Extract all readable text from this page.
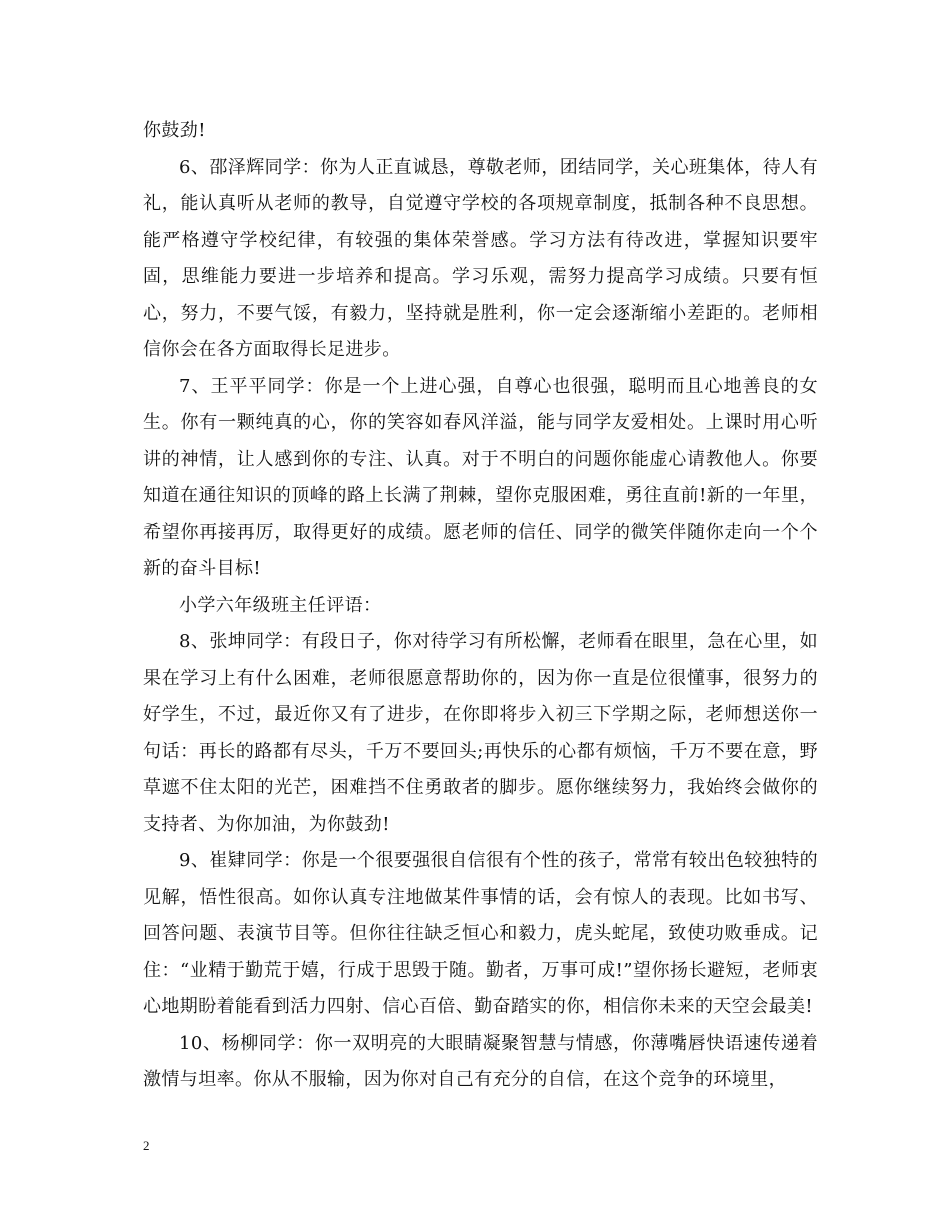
你鼓劲!

6、邵泽辉同学：你为人正直诚恳，尊敬老师，团结同学，关心班集体，待人有礼，能认真听从老师的教导，自觉遵守学校的各项规章制度，抵制各种不良思想。能严格遵守学校纪律，有较强的集体荣誉感。学习方法有待改进，掌握知识要牢固，思维能力要进一步培养和提高。学习乐观，需努力提高学习成绩。只要有恒心，努力，不要气馁，有毅力，坚持就是胜利，你一定会逐渐缩小差距的。老师相信你会在各方面取得长足进步。

7、王平平同学：你是一个上进心强，自尊心也很强，聪明而且心地善良的女生。你有一颗纯真的心，你的笑容如春风洋溢，能与同学友爱相处。上课时用心听讲的神情，让人感到你的专注、认真。对于不明白的问题你能虚心请教他人。你要知道在通往知识的顶峰的路上长满了荆棘，望你克服困难，勇往直前!新的一年里，希望你再接再厉，取得更好的成绩。愿老师的信任、同学的微笑伴随你走向一个个新的奋斗目标!

小学六年级班主任评语：

8、张坤同学：有段日子，你对待学习有所松懈，老师看在眼里，急在心里，如果在学习上有什么困难，老师很愿意帮助你的，因为你一直是位很懂事，很努力的好学生，不过，最近你又有了进步，在你即将步入初三下学期之际，老师想送你一句话：再长的路都有尽头，千万不要回头;再快乐的心都有烦恼，千万不要在意，野草遮不住太阳的光芒，困难挡不住勇敢者的脚步。愿你继续努力，我始终会做你的支持者、为你加油，为你鼓劲!

9、崔肄同学：你是一个很要强很自信很有个性的孩子，常常有较出色较独特的见解，悟性很高。如你认真专注地做某件事情的话，会有惊人的表现。比如书写、回答问题、表演节目等。但你往往缺乏恒心和毅力，虎头蛇尾，致使功败垂成。记住：“业精于勤荒于嬉，行成于思毁于随。勤者，万事可成!”望你扬长避短，老师衷心地期盼着能看到活力四射、信心百倍、勤奋踏实的你，相信你未来的天空会最美!

10、杨柳同学：你一双明亮的大眼睛凝聚智慧与情感，你薄嘴唇快语速传递着激情与坦率。你从不服输，因为你对自己有充分的自信，在这个竞争的环境里，

2
